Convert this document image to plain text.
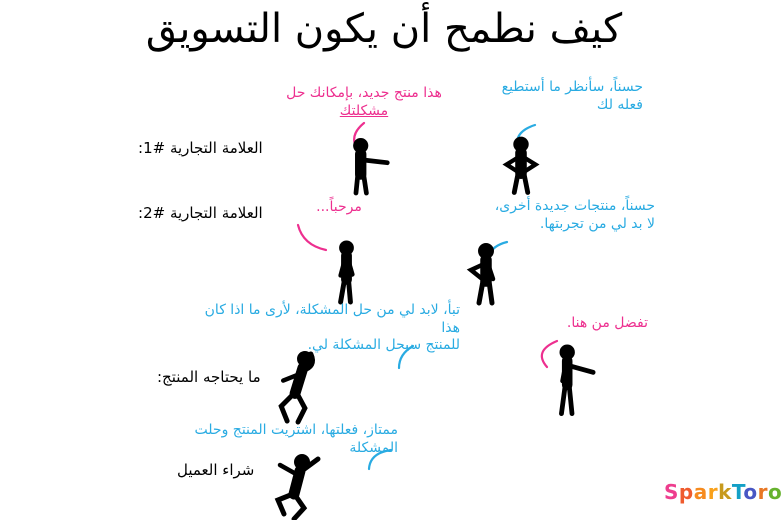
كيف نطمح أن يكون التسويق
العلامة التجارية #1:
هذا منتج جديد، بإمكانك حل
مشكلتك
حسناً، سأنظر ما أستطيع
فعله لك
العلامة التجارية #2:	مرحباً...	حسناً، منتجات جديدة أخرى،
لا بد لي من تجربتها.
تبأ، لابد لي من حل المشكلة، لأرى ما اذا كان هذا
للمنتج سيحل المشكلة لي.
تفضل من هنا.
ما يحتاجه المنتج:
ممتاز، فعلتها، اشتريت المنتج وحلت
المشكلة
شراء العميل
SparkToro
